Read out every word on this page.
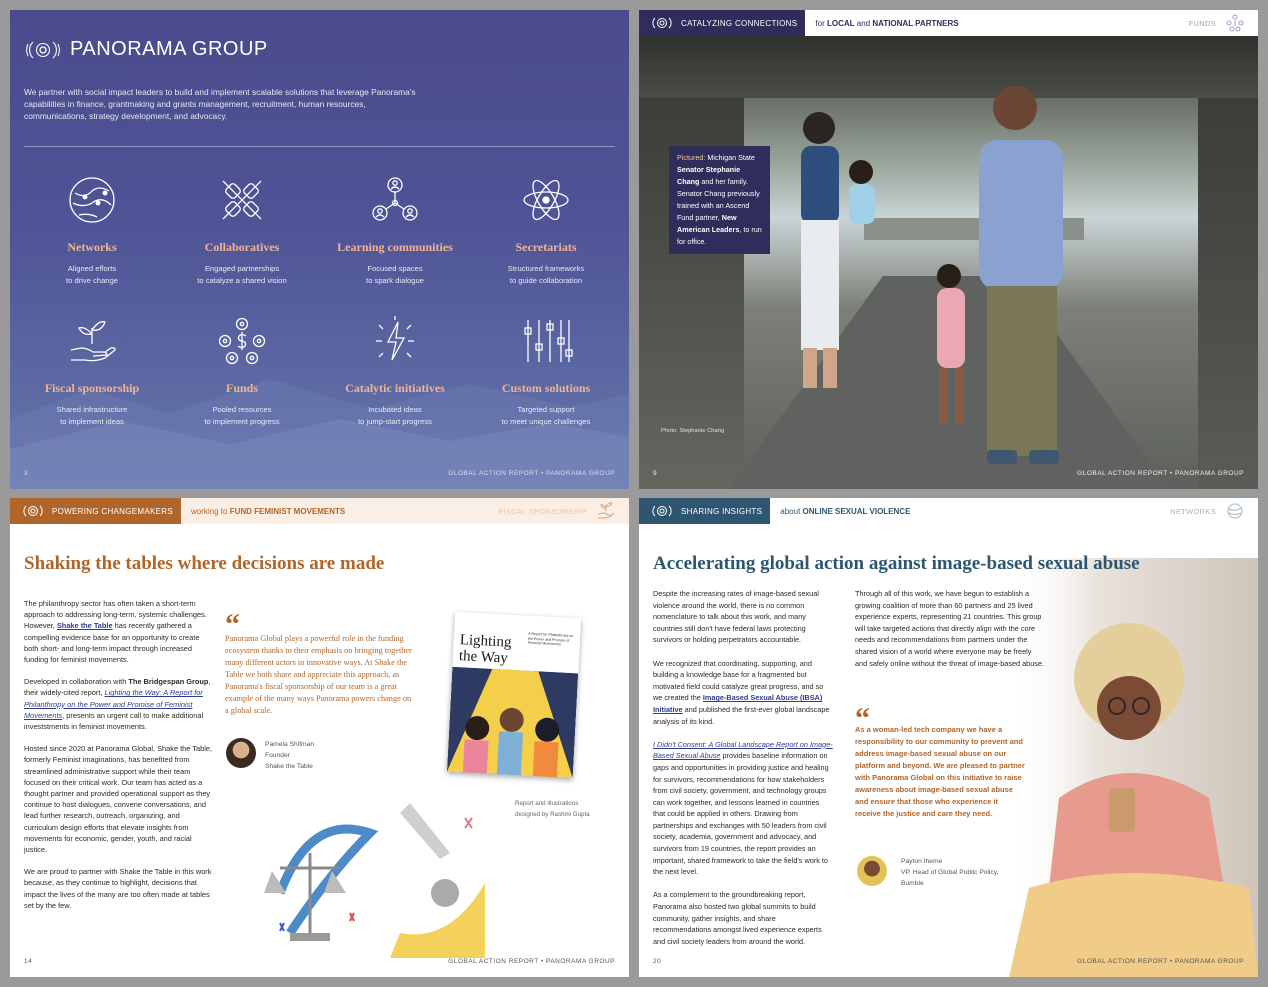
PANORAMA GROUP

We partner with social impact leaders to build and implement scalable solutions that leverage Panorama's capabilities in finance, grantmaking and grants management, recruitment, human resources, communications, strategy development, and advocacy.

Networks
Aligned efforts
to drive change
Collaboratives
Engaged partnerships
to catalyze a shared vision
Learning communities
Focused spaces
to spark dialogue
Secretariats
Structured frameworks
to guide collaboration
Fiscal sponsorship
Shared infrastructure
to implement ideas
Funds
Pooled resources
to implement progress
Catalytic initiatives
Incubated ideas
to jump-start progress
Custom solutions
Targeted support
to meet unique challenges
3	GLOBAL ACTION REPORT • PANORAMA GROUP
CATALYZING CONNECTIONS for
LOCAL
and
NATIONAL PARTNERS	FUNDS
Pictured: Michigan State Senator Stephanie Chang and her family. Senator Chang previously trained with an Ascend Fund partner, New American Leaders, to run for office.
Photo: Stephanie Chang
9	GLOBAL ACTION REPORT • PANORAMA GROUP
POWERING CHANGEMAKERS working to
FUND FEMINIST MOVEMENTS	FISCAL SPONSORSHIP
Shaking the tables where decisions are made

The philanthropy sector has often taken a short-term approach to addressing long-term, systemic challenges. However, Shake the Table has recently gathered a compelling evidence base for an opportunity to create both short- and long-term impact through increased funding for feminist movements.

Developed in collaboration with The Bridgespan Group, their widely-cited report, Lighting the Way: A Report for Philanthropy on the Power and Promise of Feminist Movements, presents an urgent call to make additional investstments in feminist movements.

Hosted since 2020 at Panorama Global, Shake the Table, formerly Feminist imaginations, has benefited from streamlined administrative support while their team focused on their critical work. Our team has acted as a thought partner and provided operational support as they continue to host dialogues, convene conversations, and lead further research, outreach, organizing, and curriculum design efforts that elevate insights from movements for economic, gender, youth, and racial justice.

We are proud to partner with Shake the Table in this work because, as they continue to highlight, decisions that impact the lives of the many are too often made at tables set by the few.

“

Panorama Global plays a powerful role in the funding ecosystem thanks to their emphasis on bringing together many different actors in innovative ways. At Shake the Table we both share and appreciate this approach, as Panorama's fiscal sponsorship of our team is a great example of the many ways Panorama powers change on a global scale.

Pamela Shifman
Founder
Shake the Table
Lighting
the Way
A Report for Philanthropy on the Power and Promise of Feminist Movements
Report and illustrations
designed by Rashmi Gupta
14	GLOBAL ACTION REPORT • PANORAMA GROUP
SHARING INSIGHTS about
ONLINE SEXUAL VIOLENCE	NETWORKS
Accelerating global action against image-based sexual abuse

Despite the increasing rates of image-based sexual violence around the world, there is no common nomenclature to talk about this work, and many countries still don't have federal laws protecting survivors or holding perpetrators accountable.

We recognized that coordinating, supporting, and building a knowledge base for a fragmented but motivated field could catalyze great progress, and so we created the Image-Based Sexual Abuse (IBSA) Initiative and published the first-ever global landscape analysis of its kind.

I Didn't Consent: A Global Landscape Report on Image-Based Sexual Abuse provides baseline information on gaps and opportunities in providing justice and healing for survivors, recommendations for how stakeholders from civil society, government, and technology groups can work together, and lessons learned in countries that could be applied in others. Drawing from partnerships and exchanges with 50 leaders from civil society, academia, government and advocacy, and survivors from 19 countries, the report provides an important, shared framework to take the field's work to the next level.

As a complement to the groundbreaking report, Panorama also hosted two global summits to build community, gather insights, and share recommendations amongst lived experience experts and civil society leaders from around the world.

Through all of this work, we have begun to establish a growing coalition of more than 60 partners and 25 lived experience experts, representing 21 countries. This group will take targeted actions that directly align with the core needs and recommendations from partners under the shared vision of a world where everyone may be freely and safely online without the threat of image-based abuse.

“

As a woman-led tech company we have a responsibility to our community to prevent and address image-based sexual abuse on our platform and beyond. We are pleased to partner with Panorama Global on this initiative to raise awareness about image-based sexual abuse and ensure that those who experience it receive the justice and care they need.

Payton Iheme
VP, Head of Global Public Policy,
Bumble
20	GLOBAL ACTION REPORT • PANORAMA GROUP
